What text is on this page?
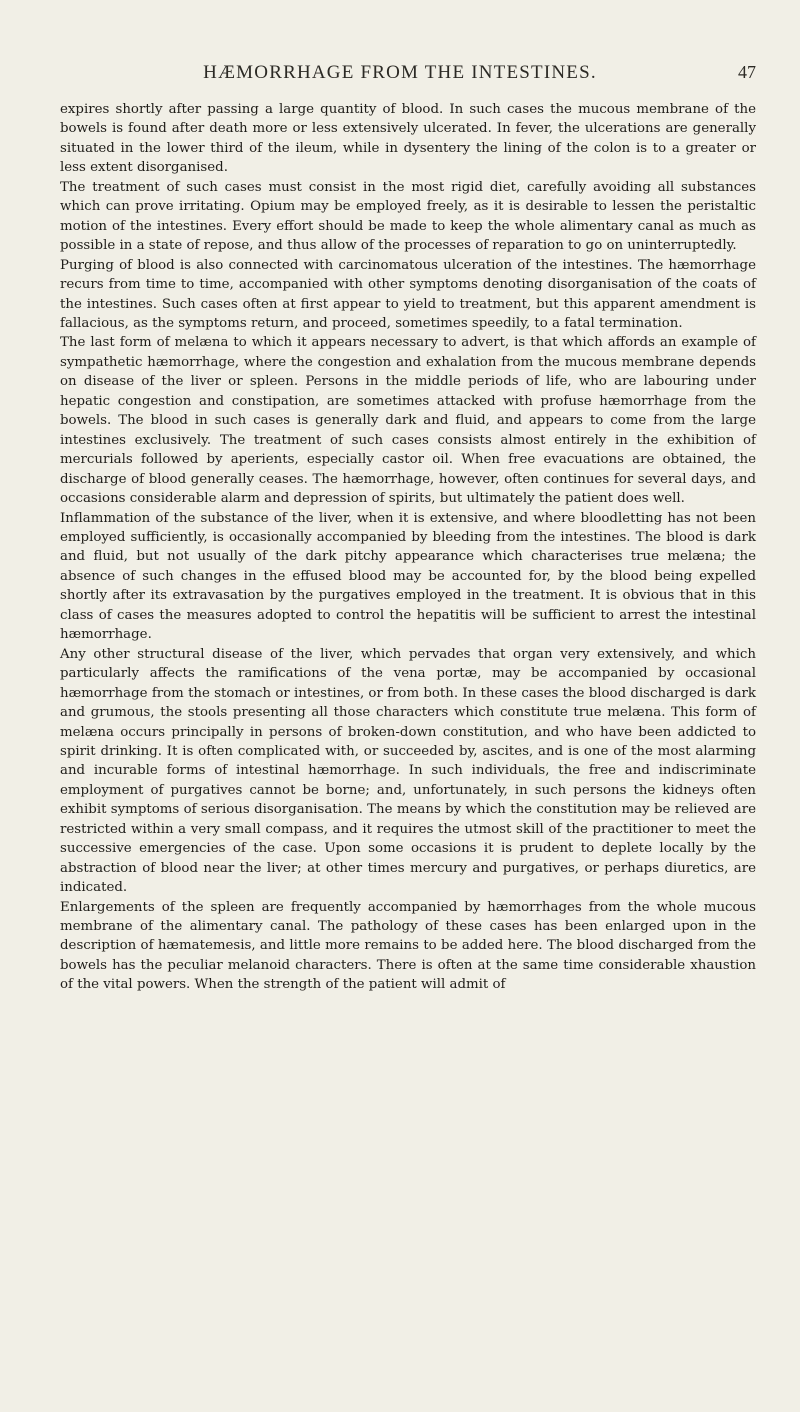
HÆMORRHAGE FROM THE INTESTINES.	47

expires shortly after passing a large quantity of blood. In such cases the mucous membrane of the bowels is found after death more or less extensively ulcerated. In fever, the ulcerations are generally situated in the lower third of the ileum, while in dysentery the lining of the colon is to a greater or less extent disorganised.

The treatment of such cases must consist in the most rigid diet, carefully avoiding all substances which can prove irritating. Opium may be employed freely, as it is desirable to lessen the peristaltic motion of the intestines. Every effort should be made to keep the whole alimentary canal as much as possible in a state of repose, and thus allow of the processes of reparation to go on uninterruptedly.

Purging of blood is also connected with carcinomatous ulceration of the intestines. The hæmorrhage recurs from time to time, accompanied with other symptoms denoting disorganisation of the coats of the intestines. Such cases often at first appear to yield to treatment, but this apparent amendment is fallacious, as the symptoms return, and proceed, sometimes speedily, to a fatal termination.

The last form of melæna to which it appears necessary to advert, is that which affords an example of sympathetic hæmorrhage, where the congestion and exhalation from the mucous membrane depends on disease of the liver or spleen. Persons in the middle periods of life, who are labouring under hepatic congestion and constipation, are sometimes attacked with profuse hæmorrhage from the bowels. The blood in such cases is generally dark and fluid, and appears to come from the large intestines exclusively. The treatment of such cases consists almost entirely in the exhibition of mercurials followed by aperients, especially castor oil. When free evacuations are obtained, the discharge of blood generally ceases. The hæmorrhage, however, often continues for several days, and occasions considerable alarm and depression of spirits, but ultimately the patient does well.

Inflammation of the substance of the liver, when it is extensive, and where bloodletting has not been employed sufficiently, is occasionally accompanied by bleeding from the intestines. The blood is dark and fluid, but not usually of the dark pitchy appearance which characterises true melæna; the absence of such changes in the effused blood may be accounted for, by the blood being expelled shortly after its extravasation by the purgatives employed in the treatment. It is obvious that in this class of cases the measures adopted to control the hepatitis will be sufficient to arrest the intestinal hæmorrhage.

Any other structural disease of the liver, which pervades that organ very extensively, and which particularly affects the ramifications of the vena portæ, may be accompanied by occasional hæmorrhage from the stomach or intestines, or from both. In these cases the blood discharged is dark and grumous, the stools presenting all those characters which constitute true melæna. This form of melæna occurs principally in persons of broken-down constitution, and who have been addicted to spirit drinking. It is often complicated with, or succeeded by, ascites, and is one of the most alarming and incurable forms of intestinal hæmorrhage. In such individuals, the free and indiscriminate employment of purgatives cannot be borne; and, unfortunately, in such persons the kidneys often exhibit symptoms of serious disorganisation. The means by which the constitution may be relieved are restricted within a very small compass, and it requires the utmost skill of the practitioner to meet the successive emergencies of the case. Upon some occasions it is prudent to deplete locally by the abstraction of blood near the liver; at other times mercury and purgatives, or perhaps diuretics, are indicated.

Enlargements of the spleen are frequently accompanied by hæmorrhages from the whole mucous membrane of the alimentary canal. The pathology of these cases has been enlarged upon in the description of hæmatemesis, and little more remains to be added here. The blood discharged from the bowels has the peculiar melanoid characters. There is often at the same time considerable xhaustion of the vital powers. When the strength of the patient will admit of
